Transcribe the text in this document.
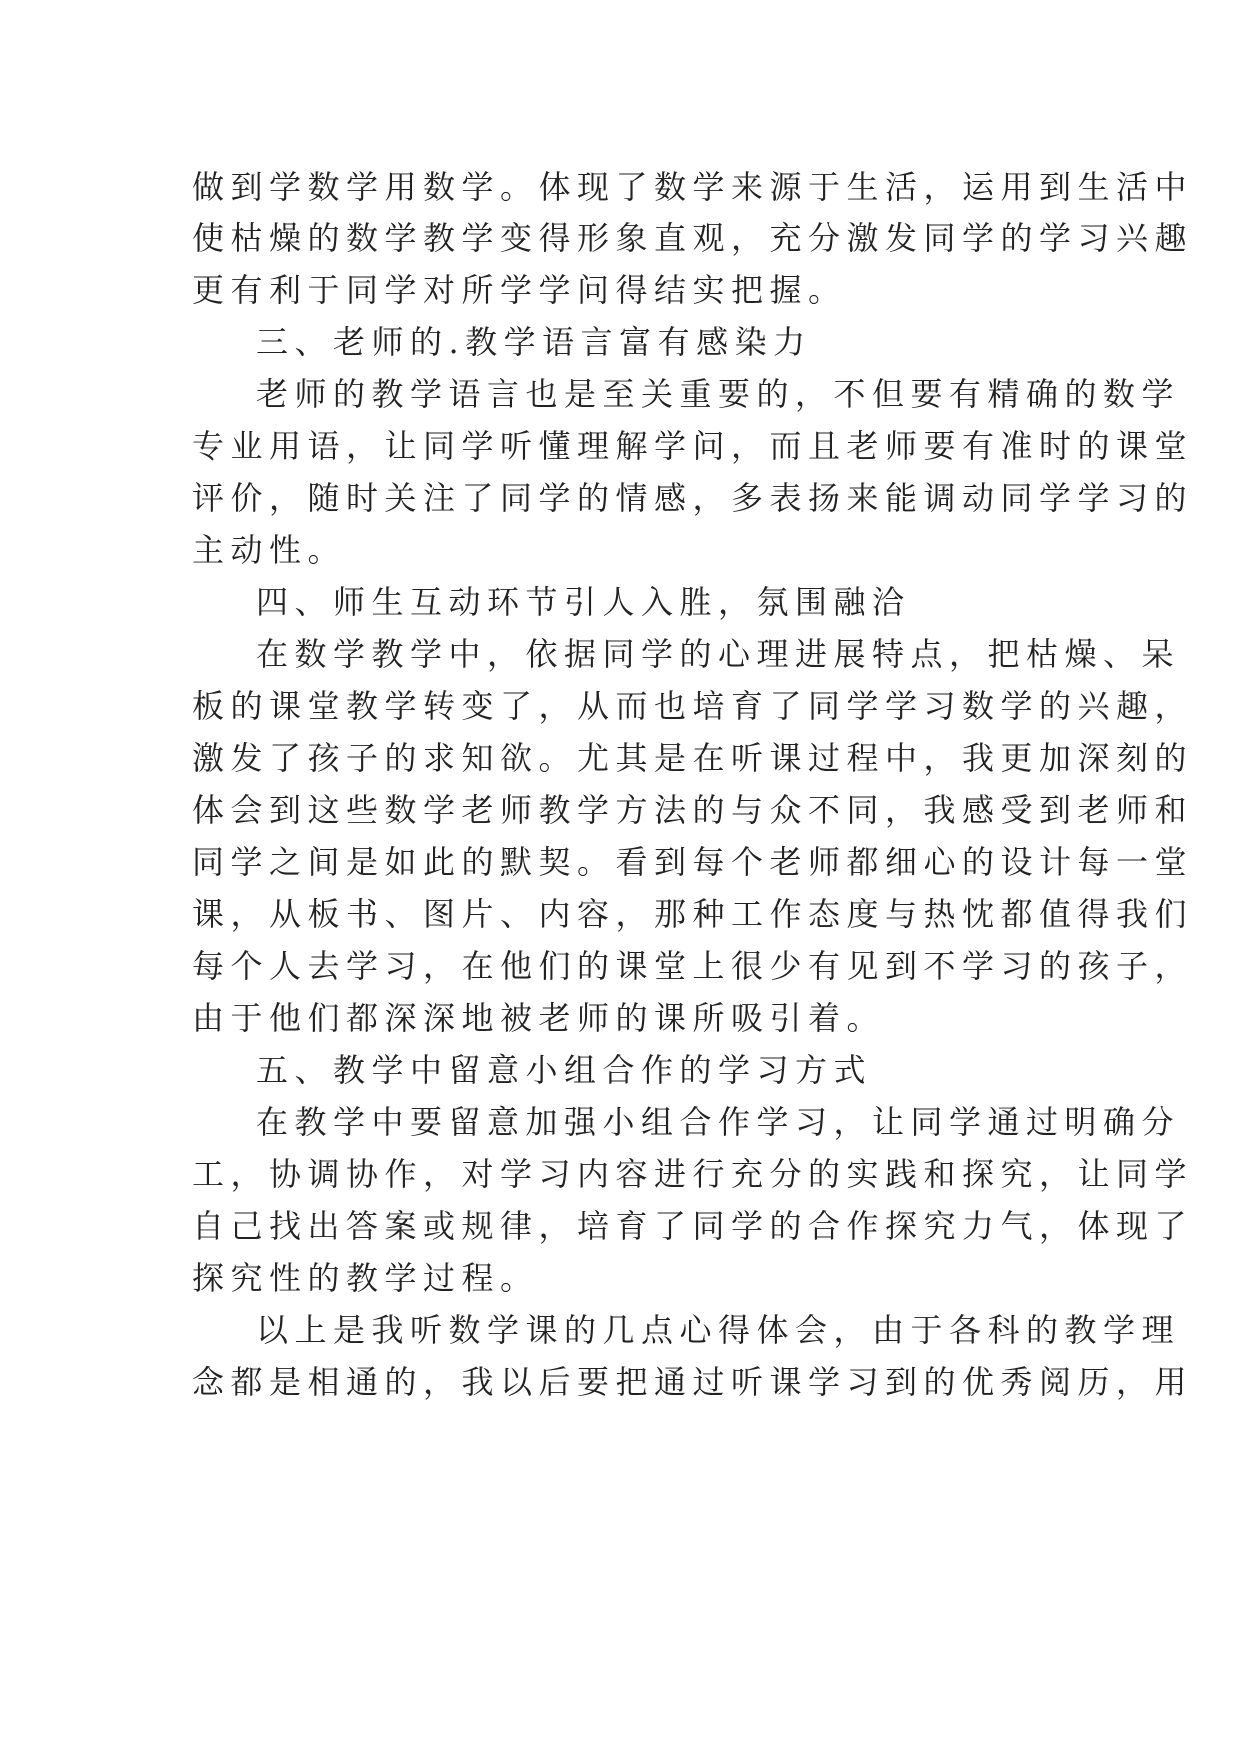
做到学数学用数学。体现了数学来源于生活，运用到生活中
使枯燥的数学教学变得形象直观，充分激发同学的学习兴趣
更有利于同学对所学学问得结实把握。
三、老师的.教学语言富有感染力
老师的教学语言也是至关重要的，不但要有精确的数学
专业用语，让同学听懂理解学问，而且老师要有准时的课堂
评价，随时关注了同学的情感，多表扬来能调动同学学习的
主动性。
四、师生互动环节引人入胜，氛围融洽
在数学教学中，依据同学的心理进展特点，把枯燥、呆
板的课堂教学转变了，从而也培育了同学学习数学的兴趣，
激发了孩子的求知欲。尤其是在听课过程中，我更加深刻的
体会到这些数学老师教学方法的与众不同，我感受到老师和
同学之间是如此的默契。看到每个老师都细心的设计每一堂
课，从板书、图片、内容，那种工作态度与热忱都值得我们
每个人去学习，在他们的课堂上很少有见到不学习的孩子，
由于他们都深深地被老师的课所吸引着。
五、教学中留意小组合作的学习方式
在教学中要留意加强小组合作学习，让同学通过明确分
工，协调协作，对学习内容进行充分的实践和探究，让同学
自己找出答案或规律，培育了同学的合作探究力气，体现了
探究性的教学过程。
以上是我听数学课的几点心得体会，由于各科的教学理
念都是相通的，我以后要把通过听课学习到的优秀阅历，用
